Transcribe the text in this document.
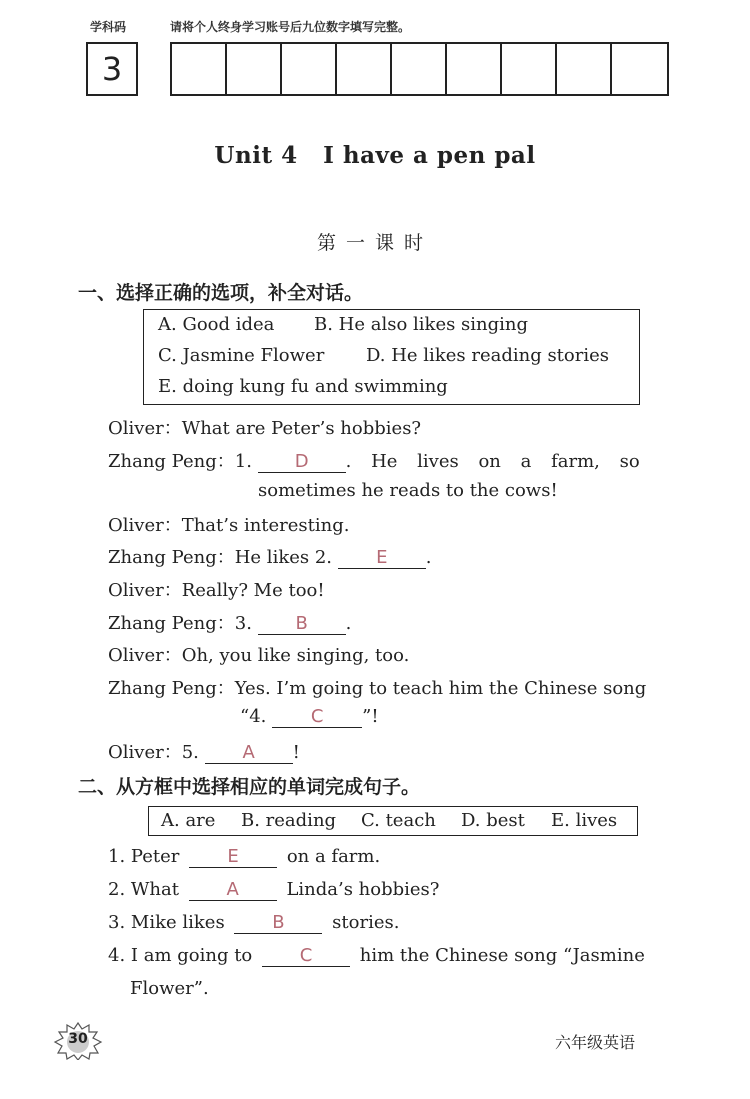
学科码	请将个人终身学习账号后九位数字填写完整。
3
Unit 4   I have a pen pal
第一课时
一、选择正确的选项，补全对话。
A. Good idea B. He also likes singing
C. Jasmine Flower D. He likes reading stories
E. doing kung fu and swimming
Oliver：What are Peter’s hobbies?
Zhang Peng：1. D . He lives on a farm, so
sometimes he reads to the cows!
Oliver：That’s interesting.
Zhang Peng：He likes 2. E .
Oliver：Really? Me too!
Zhang Peng：3. B .
Oliver：Oh, you like singing, too.
Zhang Peng：Yes. I’m going to teach him the Chinese song
“4. C ”!
Oliver：5. A !
二、从方框中选择相应的单词完成句子。
A. are B. reading C. teach D. best E. lives
1. Peter	E	on a farm.
2. What	A	Linda’s hobbies?
3. Mike likes	B	stories.
4. I am going to	C	him the Chinese song “Jasmine
Flower”.
30	六年级英语
